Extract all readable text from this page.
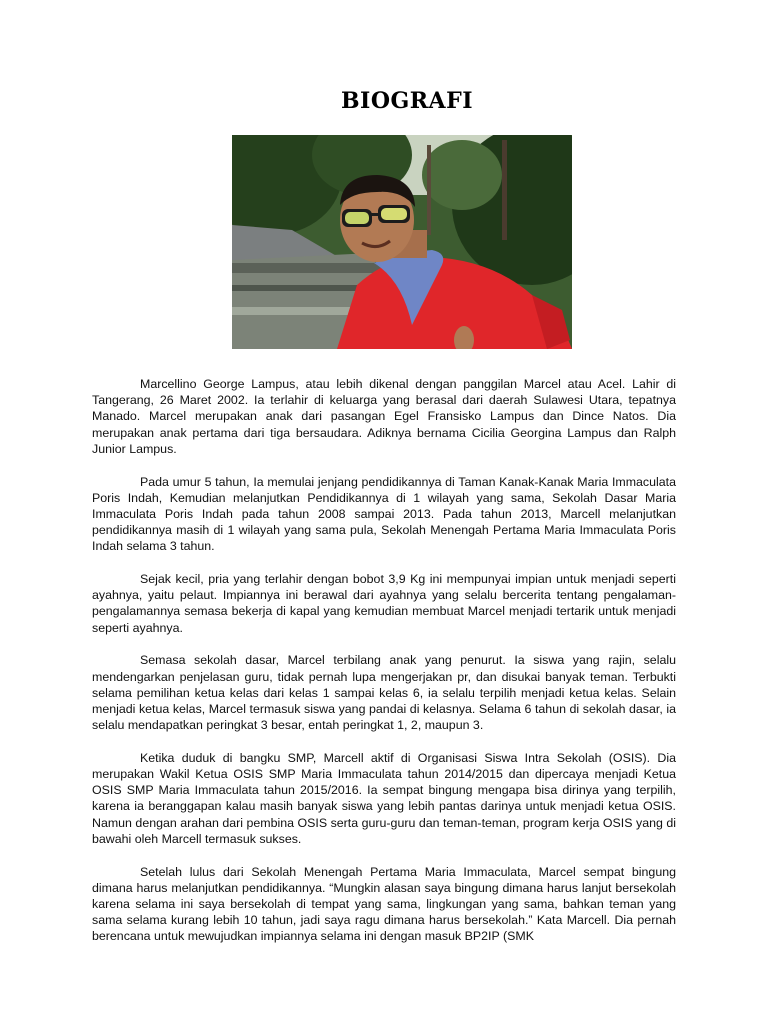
BIOGRAFI

Marcellino George Lampus, atau lebih dikenal dengan panggilan Marcel atau Acel. Lahir di Tangerang, 26 Maret 2002. Ia terlahir di keluarga yang berasal dari daerah Sulawesi Utara, tepatnya Manado. Marcel merupakan anak dari pasangan Egel Fransisko Lampus dan Dince Natos. Dia merupakan anak pertama dari tiga bersaudara. Adiknya bernama Cicilia Georgina Lampus dan Ralph Junior Lampus.

Pada umur 5 tahun, Ia memulai jenjang pendidikannya di Taman Kanak-Kanak Maria Immaculata Poris Indah, Kemudian melanjutkan Pendidikannya di 1 wilayah yang sama, Sekolah Dasar Maria Immaculata Poris Indah pada tahun 2008 sampai 2013. Pada tahun 2013, Marcell melanjutkan pendidikannya masih di 1 wilayah yang sama pula, Sekolah Menengah Pertama Maria Immaculata Poris Indah selama 3 tahun.

Sejak kecil, pria yang terlahir dengan bobot 3,9 Kg ini mempunyai impian untuk menjadi seperti ayahnya, yaitu pelaut. Impiannya ini berawal dari ayahnya yang selalu bercerita tentang pengalaman-pengalamannya semasa bekerja di kapal yang kemudian membuat Marcel menjadi tertarik untuk menjadi seperti ayahnya.

Semasa sekolah dasar, Marcel terbilang anak yang penurut. Ia siswa yang rajin, selalu mendengarkan penjelasan guru, tidak pernah lupa mengerjakan pr, dan disukai banyak teman. Terbukti selama pemilihan ketua kelas dari kelas 1 sampai kelas 6, ia selalu terpilih menjadi ketua kelas. Selain menjadi ketua kelas, Marcel termasuk siswa yang pandai di kelasnya. Selama 6 tahun di sekolah dasar, ia selalu mendapatkan peringkat 3 besar, entah peringkat 1, 2, maupun 3.

Ketika duduk di bangku SMP, Marcell aktif di Organisasi Siswa Intra Sekolah (OSIS). Dia merupakan Wakil Ketua OSIS SMP Maria Immaculata tahun 2014/2015 dan dipercaya menjadi Ketua OSIS SMP Maria Immaculata tahun 2015/2016. Ia sempat bingung mengapa bisa dirinya yang terpilih, karena ia beranggapan kalau masih banyak siswa yang lebih pantas darinya untuk menjadi ketua OSIS. Namun dengan arahan dari pembina OSIS serta guru-guru dan teman-teman, program kerja OSIS yang di bawahi oleh Marcell termasuk sukses.

Setelah lulus dari Sekolah Menengah Pertama Maria Immaculata, Marcel sempat bingung dimana harus melanjutkan pendidikannya. “Mungkin alasan saya bingung dimana harus lanjut bersekolah karena selama ini saya bersekolah di tempat yang sama, lingkungan yang sama, bahkan teman yang sama selama kurang lebih 10 tahun, jadi saya ragu dimana harus bersekolah.” Kata Marcell. Dia pernah berencana untuk mewujudkan impiannya selama ini dengan masuk BP2IP (SMK
